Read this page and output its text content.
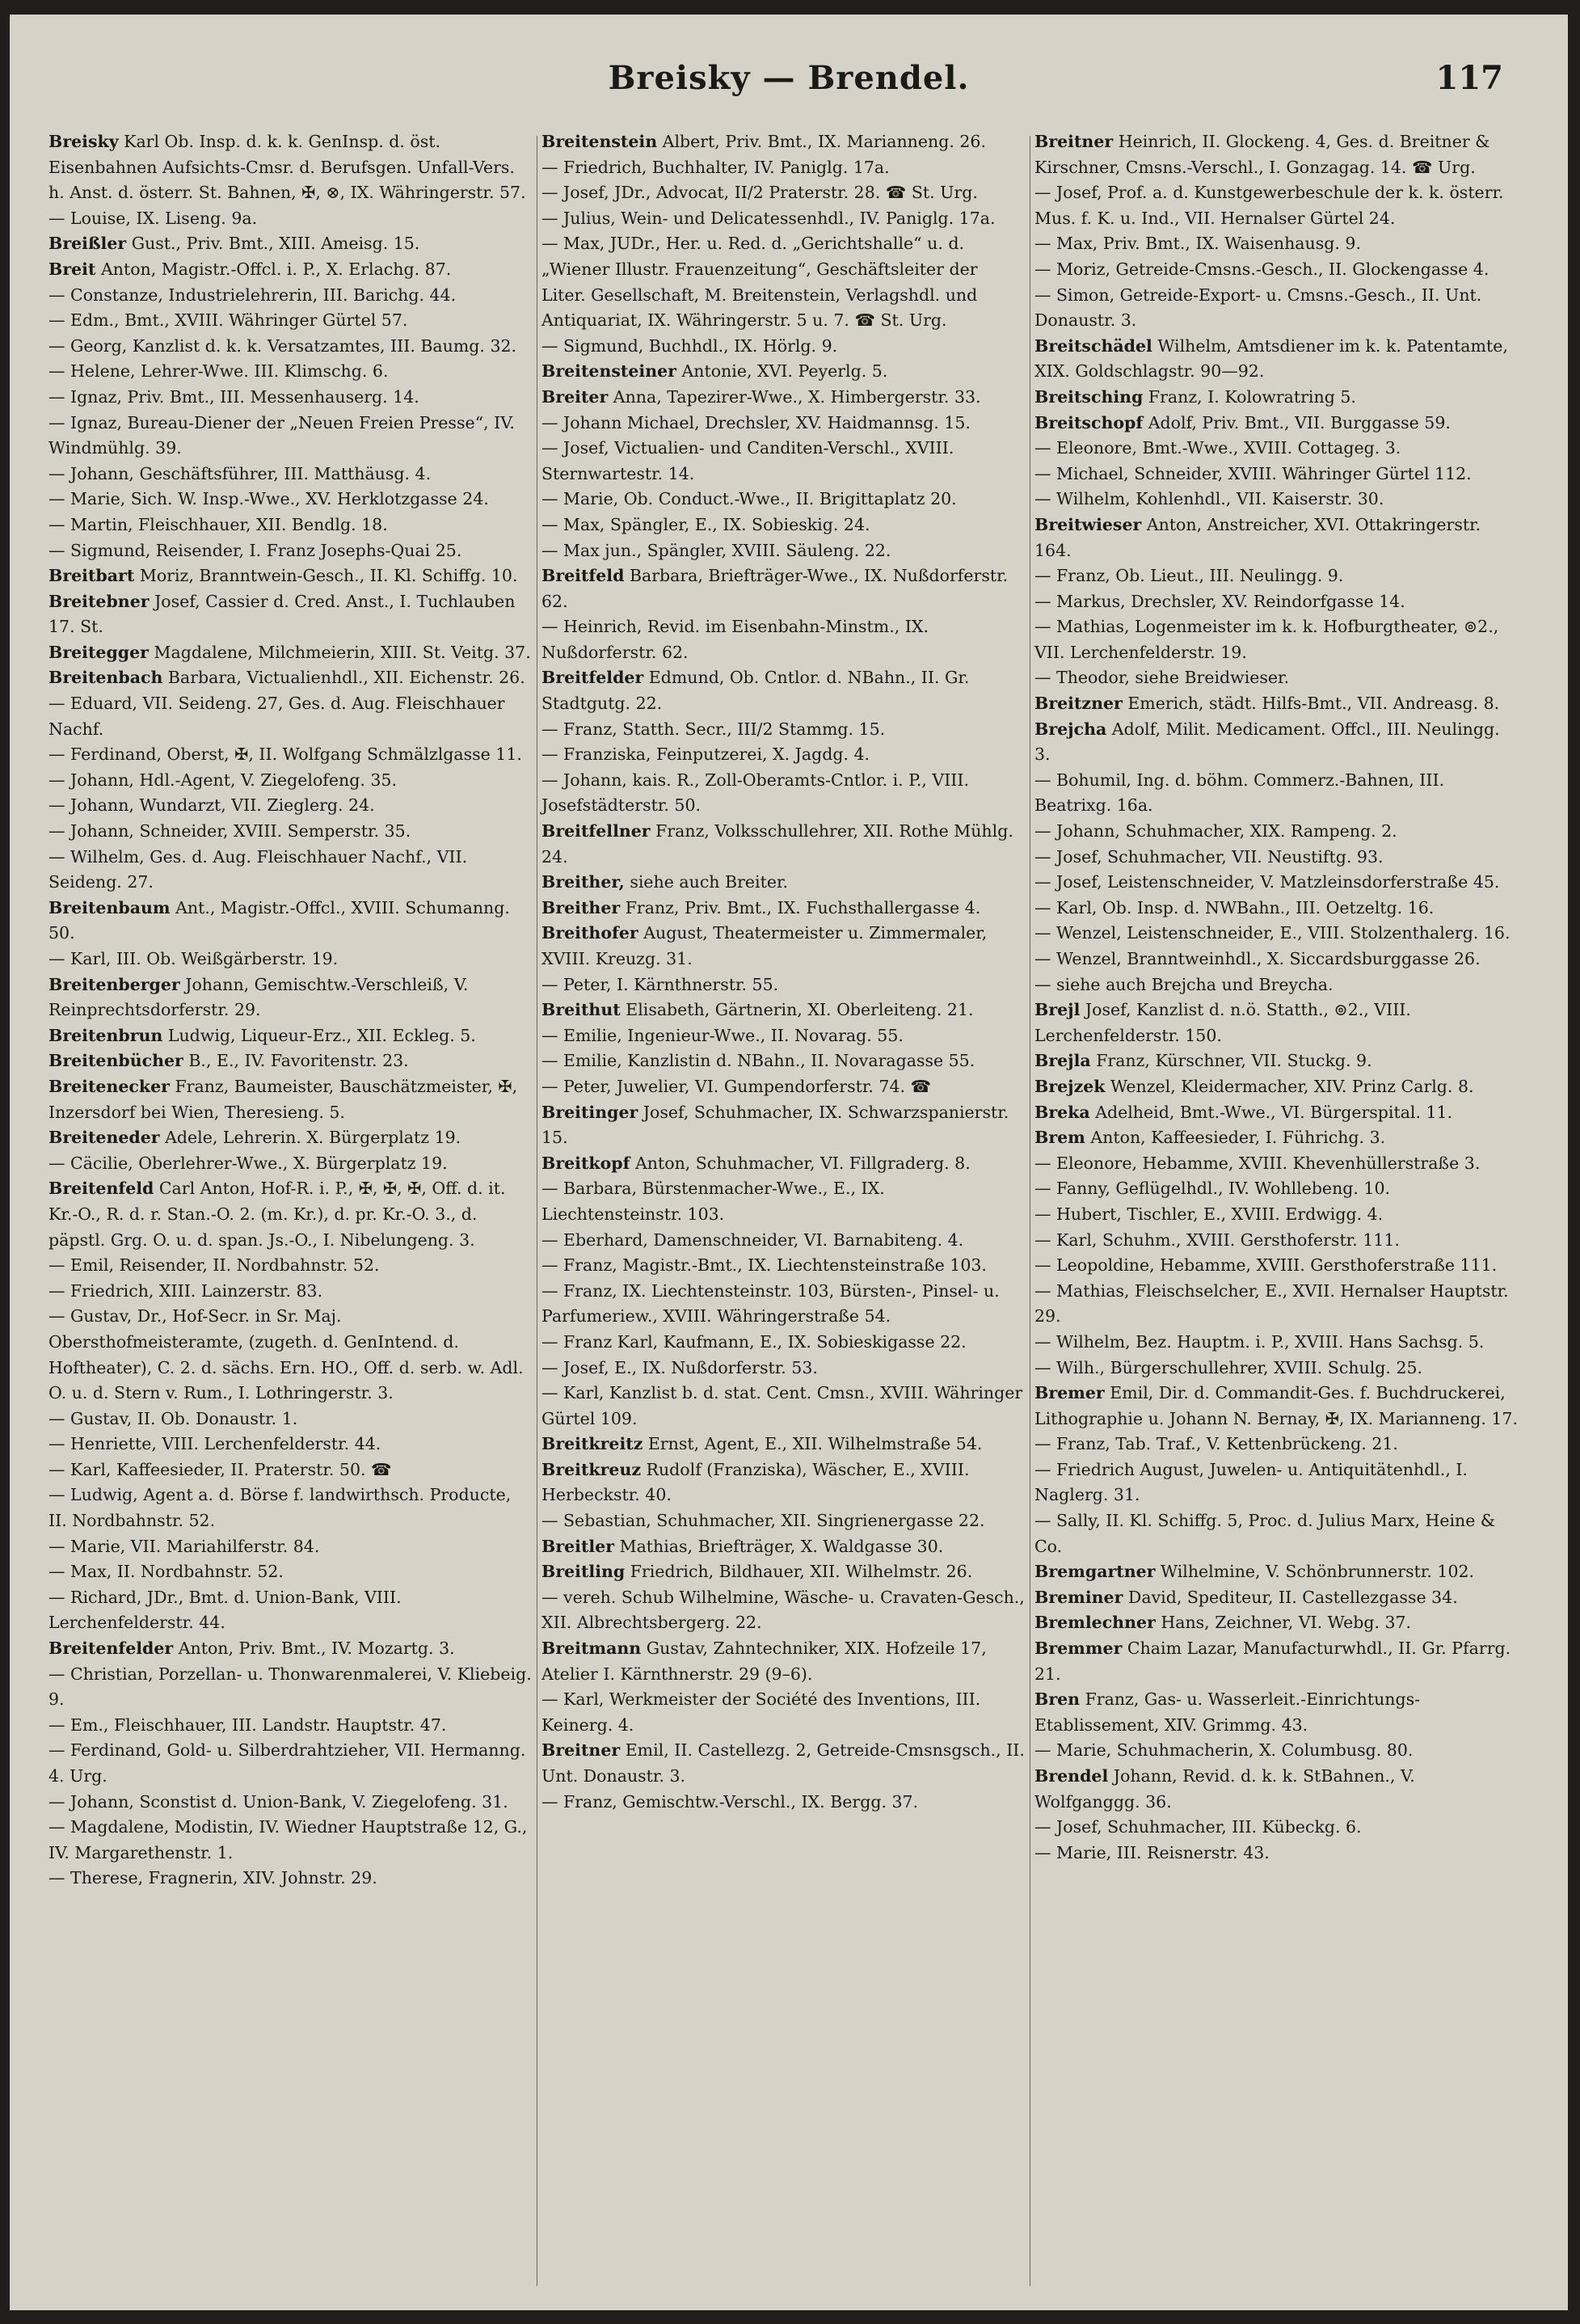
Breisky — Brendel.	117
Breisky Karl Ob. Insp. d. k. k. GenInsp. d. öst. Eisenbahnen Aufsichts-Cmsr. d. Berufsgen. Unfall-Vers. h. Anst. d. österr. St. Bahnen, ✠, ⊗, IX. Währingerstr. 57.
— Louise, IX. Liseng. 9a.
Breißler Gust., Priv. Bmt., XIII. Ameisg. 15.
Breit Anton, Magistr.-Offcl. i. P., X. Erlachg. 87.
— Constanze, Industrielehrerin, III. Barichg. 44.
— Edm., Bmt., XVIII. Währinger Gürtel 57.
— Georg, Kanzlist d. k. k. Versatzamtes, III. Baumg. 32.
— Helene, Lehrer-Wwe. III. Klimschg. 6.
— Ignaz, Priv. Bmt., III. Messenhauserg. 14.
— Ignaz, Bureau-Diener der „Neuen Freien Presse“, IV. Windmühlg. 39.
— Johann, Geschäftsführer, III. Matthäusg. 4.
— Marie, Sich. W. Insp.-Wwe., XV. Herklotzgasse 24.
— Martin, Fleischhauer, XII. Bendlg. 18.
— Sigmund, Reisender, I. Franz Josephs-Quai 25.
Breitbart Moriz, Branntwein-Gesch., II. Kl. Schiffg. 10.
Breitebner Josef, Cassier d. Cred. Anst., I. Tuchlauben 17. St.
Breitegger Magdalene, Milchmeierin, XIII. St. Veitg. 37.
Breitenbach Barbara, Victualienhdl., XII. Eichenstr. 26.
— Eduard, VII. Seideng. 27, Ges. d. Aug. Fleischhauer Nachf.
— Ferdinand, Oberst, ✠, II. Wolfgang Schmälzlgasse 11.
— Johann, Hdl.-Agent, V. Ziegelofeng. 35.
— Johann, Wundarzt, VII. Zieglerg. 24.
— Johann, Schneider, XVIII. Semperstr. 35.
— Wilhelm, Ges. d. Aug. Fleischhauer Nachf., VII. Seideng. 27.
Breitenbaum Ant., Magistr.-Offcl., XVIII. Schumanng. 50.
— Karl, III. Ob. Weißgärberstr. 19.
Breitenberger Johann, Gemischtw.-Verschleiß, V. Reinprechtsdorferstr. 29.
Breitenbrun Ludwig, Liqueur-Erz., XII. Eckleg. 5.
Breitenbücher B., E., IV. Favoritenstr. 23.
Breitenecker Franz, Baumeister, Bauschätzmeister, ✠, Inzersdorf bei Wien, Theresieng. 5.
Breiteneder Adele, Lehrerin. X. Bürgerplatz 19.
— Cäcilie, Oberlehrer-Wwe., X. Bürgerplatz 19.
Breitenfeld Carl Anton, Hof-R. i. P., ✠, ✠, ✠, Off. d. it. Kr.-O., R. d. r. Stan.-O. 2. (m. Kr.), d. pr. Kr.-O. 3., d. päpstl. Grg. O. u. d. span. Js.-O., I. Nibelungeng. 3.
— Emil, Reisender, II. Nordbahnstr. 52.
— Friedrich, XIII. Lainzerstr. 83.
— Gustav, Dr., Hof-Secr. in Sr. Maj. Obersthofmeisteramte, (zugeth. d. GenIntend. d. Hoftheater), C. 2. d. sächs. Ern. HO., Off. d. serb. w. Adl. O. u. d. Stern v. Rum., I. Lothringerstr. 3.
— Gustav, II. Ob. Donaustr. 1.
— Henriette, VIII. Lerchenfelderstr. 44.
— Karl, Kaffeesieder, II. Praterstr. 50. ☎
— Ludwig, Agent a. d. Börse f. landwirthsch. Producte, II. Nordbahnstr. 52.
— Marie, VII. Mariahilferstr. 84.
— Max, II. Nordbahnstr. 52.
— Richard, JDr., Bmt. d. Union-Bank, VIII. Lerchenfelderstr. 44.
Breitenfelder Anton, Priv. Bmt., IV. Mozartg. 3.
— Christian, Porzellan- u. Thonwarenmalerei, V. Kliebeig. 9.
— Em., Fleischhauer, III. Landstr. Hauptstr. 47.
— Ferdinand, Gold- u. Silberdrahtzieher, VII. Hermanng. 4. Urg.
— Johann, Sconstist d. Union-Bank, V. Ziegelofeng. 31.
— Magdalene, Modistin, IV. Wiedner Hauptstraße 12, G., IV. Margarethenstr. 1.
— Therese, Fragnerin, XIV. Johnstr. 29.
Breitenstein Albert, Priv. Bmt., IX. Marianneng. 26.
— Friedrich, Buchhalter, IV. Paniglg. 17a.
— Josef, JDr., Advocat, II/2 Praterstr. 28. ☎ St. Urg.
— Julius, Wein- und Delicatessenhdl., IV. Paniglg. 17a.
— Max, JUDr., Her. u. Red. d. „Gerichtshalle“ u. d. „Wiener Illustr. Frauenzeitung“, Geschäftsleiter der Liter. Gesellschaft, M. Breitenstein, Verlagshdl. und Antiquariat, IX. Währingerstr. 5 u. 7. ☎ St. Urg.
— Sigmund, Buchhdl., IX. Hörlg. 9.
Breitensteiner Antonie, XVI. Peyerlg. 5.
Breiter Anna, Tapezirer-Wwe., X. Himbergerstr. 33.
— Johann Michael, Drechsler, XV. Haidmannsg. 15.
— Josef, Victualien- und Canditen-Verschl., XVIII. Sternwartestr. 14.
— Marie, Ob. Conduct.-Wwe., II. Brigittaplatz 20.
— Max, Spängler, E., IX. Sobieskig. 24.
— Max jun., Spängler, XVIII. Säuleng. 22.
Breitfeld Barbara, Briefträger-Wwe., IX. Nußdorferstr. 62.
— Heinrich, Revid. im Eisenbahn-Minstm., IX. Nußdorferstr. 62.
Breitfelder Edmund, Ob. Cntlor. d. NBahn., II. Gr. Stadtgutg. 22.
— Franz, Statth. Secr., III/2 Stammg. 15.
— Franziska, Feinputzerei, X. Jagdg. 4.
— Johann, kais. R., Zoll-Oberamts-Cntlor. i. P., VIII. Josefstädterstr. 50.
Breitfellner Franz, Volksschullehrer, XII. Rothe Mühlg. 24.
Breither, siehe auch Breiter.
Breither Franz, Priv. Bmt., IX. Fuchsthallergasse 4.
Breithofer August, Theatermeister u. Zimmermaler, XVIII. Kreuzg. 31.
— Peter, I. Kärnthnerstr. 55.
Breithut Elisabeth, Gärtnerin, XI. Oberleiteng. 21.
— Emilie, Ingenieur-Wwe., II. Novarag. 55.
— Emilie, Kanzlistin d. NBahn., II. Novaragasse 55.
— Peter, Juwelier, VI. Gumpendorferstr. 74. ☎
Breitinger Josef, Schuhmacher, IX. Schwarzspanierstr. 15.
Breitkopf Anton, Schuhmacher, VI. Fillgraderg. 8.
— Barbara, Bürstenmacher-Wwe., E., IX. Liechtensteinstr. 103.
— Eberhard, Damenschneider, VI. Barnabiteng. 4.
— Franz, Magistr.-Bmt., IX. Liechtensteinstraße 103.
— Franz, IX. Liechtensteinstr. 103, Bürsten-, Pinsel- u. Parfumeriew., XVIII. Währingerstraße 54.
— Franz Karl, Kaufmann, E., IX. Sobieskigasse 22.
— Josef, E., IX. Nußdorferstr. 53.
— Karl, Kanzlist b. d. stat. Cent. Cmsn., XVIII. Währinger Gürtel 109.
Breitkreitz Ernst, Agent, E., XII. Wilhelmstraße 54.
Breitkreuz Rudolf (Franziska), Wäscher, E., XVIII. Herbeckstr. 40.
— Sebastian, Schuhmacher, XII. Singrienergasse 22.
Breitler Mathias, Briefträger, X. Waldgasse 30.
Breitling Friedrich, Bildhauer, XII. Wilhelmstr. 26.
— vereh. Schub Wilhelmine, Wäsche- u. Cravaten-Gesch., XII. Albrechtsbergerg. 22.
Breitmann Gustav, Zahntechniker, XIX. Hofzeile 17, Atelier I. Kärnthnerstr. 29 (9–6).
— Karl, Werkmeister der Société des Inventions, III. Keinerg. 4.
Breitner Emil, II. Castellezg. 2, Getreide-Cmsnsgsch., II. Unt. Donaustr. 3.
— Franz, Gemischtw.-Verschl., IX. Bergg. 37.
Breitner Heinrich, II. Glockeng. 4, Ges. d. Breitner & Kirschner, Cmsns.-Verschl., I. Gonzagag. 14. ☎ Urg.
— Josef, Prof. a. d. Kunstgewerbeschule der k. k. österr. Mus. f. K. u. Ind., VII. Hernalser Gürtel 24.
— Max, Priv. Bmt., IX. Waisenhausg. 9.
— Moriz, Getreide-Cmsns.-Gesch., II. Glockengasse 4.
— Simon, Getreide-Export- u. Cmsns.-Gesch., II. Unt. Donaustr. 3.
Breitschädel Wilhelm, Amtsdiener im k. k. Patentamte, XIX. Goldschlagstr. 90—92.
Breitsching Franz, I. Kolowratring 5.
Breitschopf Adolf, Priv. Bmt., VII. Burggasse 59.
— Eleonore, Bmt.-Wwe., XVIII. Cottageg. 3.
— Michael, Schneider, XVIII. Währinger Gürtel 112.
— Wilhelm, Kohlenhdl., VII. Kaiserstr. 30.
Breitwieser Anton, Anstreicher, XVI. Ottakringerstr. 164.
— Franz, Ob. Lieut., III. Neulingg. 9.
— Markus, Drechsler, XV. Reindorfgasse 14.
— Mathias, Logenmeister im k. k. Hofburgtheater, ⊚2., VII. Lerchenfelderstr. 19.
— Theodor, siehe Breidwieser.
Breitzner Emerich, städt. Hilfs-Bmt., VII. Andreasg. 8.
Brejcha Adolf, Milit. Medicament. Offcl., III. Neulingg. 3.
— Bohumil, Ing. d. böhm. Commerz.-Bahnen, III. Beatrixg. 16a.
— Johann, Schuhmacher, XIX. Rampeng. 2.
— Josef, Schuhmacher, VII. Neustiftg. 93.
— Josef, Leistenschneider, V. Matzleinsdorferstraße 45.
— Karl, Ob. Insp. d. NWBahn., III. Oetzeltg. 16.
— Wenzel, Leistenschneider, E., VIII. Stolzenthalerg. 16.
— Wenzel, Branntweinhdl., X. Siccardsburggasse 26.
— siehe auch Brejcha und Breycha.
Brejl Josef, Kanzlist d. n.ö. Statth., ⊚2., VIII. Lerchenfelderstr. 150.
Brejla Franz, Kürschner, VII. Stuckg. 9.
Brejzek Wenzel, Kleidermacher, XIV. Prinz Carlg. 8.
Breka Adelheid, Bmt.-Wwe., VI. Bürgerspital. 11.
Brem Anton, Kaffeesieder, I. Führichg. 3.
— Eleonore, Hebamme, XVIII. Khevenhüllerstraße 3.
— Fanny, Geflügelhdl., IV. Wohllebeng. 10.
— Hubert, Tischler, E., XVIII. Erdwigg. 4.
— Karl, Schuhm., XVIII. Gersthoferstr. 111.
— Leopoldine, Hebamme, XVIII. Gersthoferstraße 111.
— Mathias, Fleischselcher, E., XVII. Hernalser Hauptstr. 29.
— Wilhelm, Bez. Hauptm. i. P., XVIII. Hans Sachsg. 5.
— Wilh., Bürgerschullehrer, XVIII. Schulg. 25.
Bremer Emil, Dir. d. Commandit-Ges. f. Buchdruckerei, Lithographie u. Johann N. Bernay, ✠, IX. Marianneng. 17.
— Franz, Tab. Traf., V. Kettenbrückeng. 21.
— Friedrich August, Juwelen- u. Antiquitätenhdl., I. Naglerg. 31.
— Sally, II. Kl. Schiffg. 5, Proc. d. Julius Marx, Heine & Co.
Bremgartner Wilhelmine, V. Schönbrunnerstr. 102.
Breminer David, Spediteur, II. Castellezgasse 34.
Bremlechner Hans, Zeichner, VI. Webg. 37.
Bremmer Chaim Lazar, Manufacturwhdl., II. Gr. Pfarrg. 21.
Bren Franz, Gas- u. Wasserleit.-Einrichtungs-Etablissement, XIV. Grimmg. 43.
— Marie, Schuhmacherin, X. Columbusg. 80.
Brendel Johann, Revid. d. k. k. StBahnen., V. Wolfganggg. 36.
— Josef, Schuhmacher, III. Kübeckg. 6.
— Marie, III. Reisnerstr. 43.
